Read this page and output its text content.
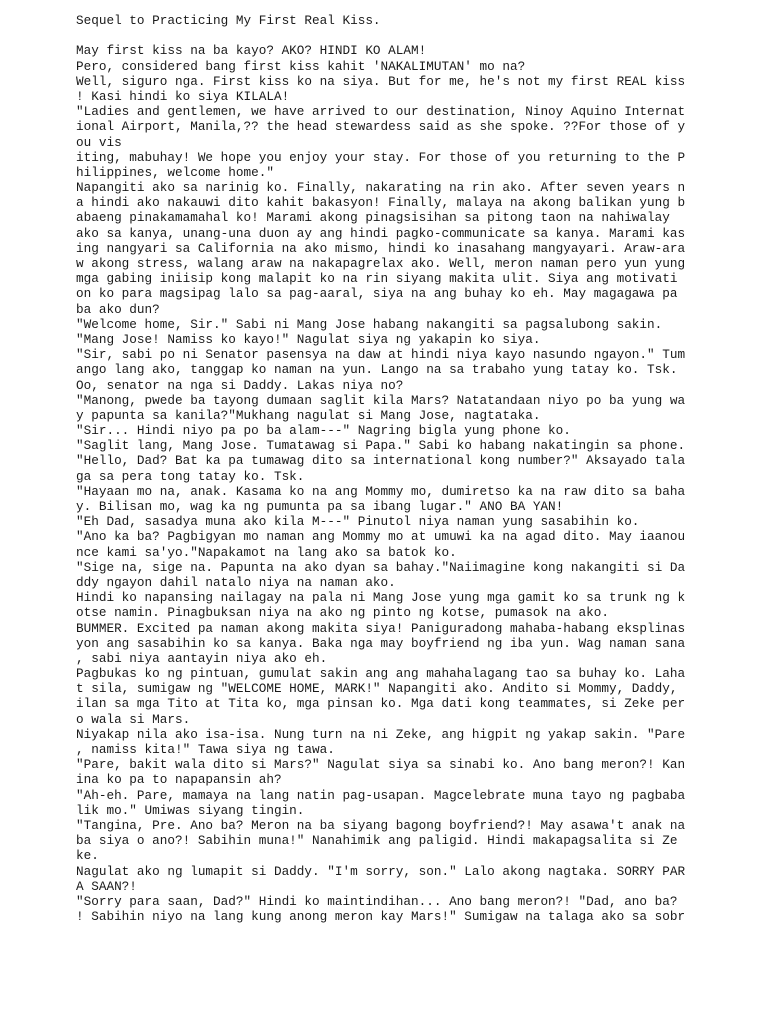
Sequel to Practicing My First Real Kiss.
May first kiss na ba kayo? AKO? HINDI KO ALAM!
Pero, considered bang first kiss kahit 'NAKALIMUTAN' mo na?
Well, siguro nga. First kiss ko na siya. But for me, he's not my first REAL kiss
! Kasi hindi ko siya KILALA!
"Ladies and gentlemen, we have arrived to our destination, Ninoy Aquino Internat
ional Airport, Manila,?? the head stewardess said as she spoke. ??For those of y
ou vis
iting, mabuhay! We hope you enjoy your stay. For those of you returning to the P
hilippines, welcome home."
Napangiti ako sa narinig ko. Finally, nakarating na rin ako. After seven years n
a hindi ako nakauwi dito kahit bakasyon! Finally, malaya na akong balikan yung b
abaeng pinakamamahal ko! Marami akong pinagsisihan sa pitong taon na nahiwalay
ako sa kanya, unang-una duon ay ang hindi pagko-communicate sa kanya. Marami kas
ing nangyari sa California na ako mismo, hindi ko inasahang mangyayari. Araw-ara
w akong stress, walang araw na nakapagrelax ako. Well, meron naman pero yun yung
mga gabing iniisip kong malapit ko na rin siyang makita ulit. Siya ang motivati
on ko para magsipag lalo sa pag-aaral, siya na ang buhay ko eh. May magagawa pa
ba ako dun?
"Welcome home, Sir." Sabi ni Mang Jose habang nakangiti sa pagsalubong sakin.
"Mang Jose! Namiss ko kayo!" Nagulat siya ng yakapin ko siya.
"Sir, sabi po ni Senator pasensya na daw at hindi niya kayo nasundo ngayon." Tum
ango lang ako, tanggap ko naman na yun. Lango na sa trabaho yung tatay ko. Tsk.
Oo, senator na nga si Daddy. Lakas niya no?
"Manong, pwede ba tayong dumaan saglit kila Mars? Natatandaan niyo po ba yung wa
y papunta sa kanila?"Mukhang nagulat si Mang Jose, nagtataka.
"Sir... Hindi niyo pa po ba alam---" Nagring bigla yung phone ko.
"Saglit lang, Mang Jose. Tumatawag si Papa." Sabi ko habang nakatingin sa phone.
"Hello, Dad? Bat ka pa tumawag dito sa international kong number?" Aksayado tala
ga sa pera tong tatay ko. Tsk.
"Hayaan mo na, anak. Kasama ko na ang Mommy mo, dumiretso ka na raw dito sa baha
y. Bilisan mo, wag ka ng pumunta pa sa ibang lugar." ANO BA YAN!
"Eh Dad, sasadya muna ako kila M---" Pinutol niya naman yung sasabihin ko.
"Ano ka ba? Pagbigyan mo naman ang Mommy mo at umuwi ka na agad dito. May iaanou
nce kami sa'yo."Napakamot na lang ako sa batok ko.
"Sige na, sige na. Papunta na ako dyan sa bahay."Naiimagine kong nakangiti si Da
ddy ngayon dahil natalo niya na naman ako.
Hindi ko napansing nailagay na pala ni Mang Jose yung mga gamit ko sa trunk ng k
otse namin. Pinagbuksan niya na ako ng pinto ng kotse, pumasok na ako.
BUMMER. Excited pa naman akong makita siya! Paniguradong mahaba-habang eksplinas
yon ang sasabihin ko sa kanya. Baka nga may boyfriend ng iba yun. Wag naman sana
, sabi niya aantayin niya ako eh.
Pagbukas ko ng pintuan, gumulat sakin ang ang mahahalagang tao sa buhay ko. Laha
t sila, sumigaw ng "WELCOME HOME, MARK!" Napangiti ako. Andito si Mommy, Daddy,
ilan sa mga Tito at Tita ko, mga pinsan ko. Mga dati kong teammates, si Zeke per
o wala si Mars.
Niyakap nila ako isa-isa. Nung turn na ni Zeke, ang higpit ng yakap sakin. "Pare
, namiss kita!" Tawa siya ng tawa.
"Pare, bakit wala dito si Mars?" Nagulat siya sa sinabi ko. Ano bang meron?! Kan
ina ko pa to napapansin ah?
"Ah-eh. Pare, mamaya na lang natin pag-usapan. Magcelebrate muna tayo ng pagbaba
lik mo." Umiwas siyang tingin.
"Tangina, Pre. Ano ba? Meron na ba siyang bagong boyfriend?! May asawa't anak na
ba siya o ano?! Sabihin muna!" Nanahimik ang paligid. Hindi makapagsalita si Ze
ke.
Nagulat ako ng lumapit si Daddy. "I'm sorry, son." Lalo akong nagtaka. SORRY PAR
A SAAN?!
"Sorry para saan, Dad?" Hindi ko maintindihan... Ano bang meron?! "Dad, ano ba?
! Sabihin niyo na lang kung anong meron kay Mars!" Sumigaw na talaga ako sa sobr
